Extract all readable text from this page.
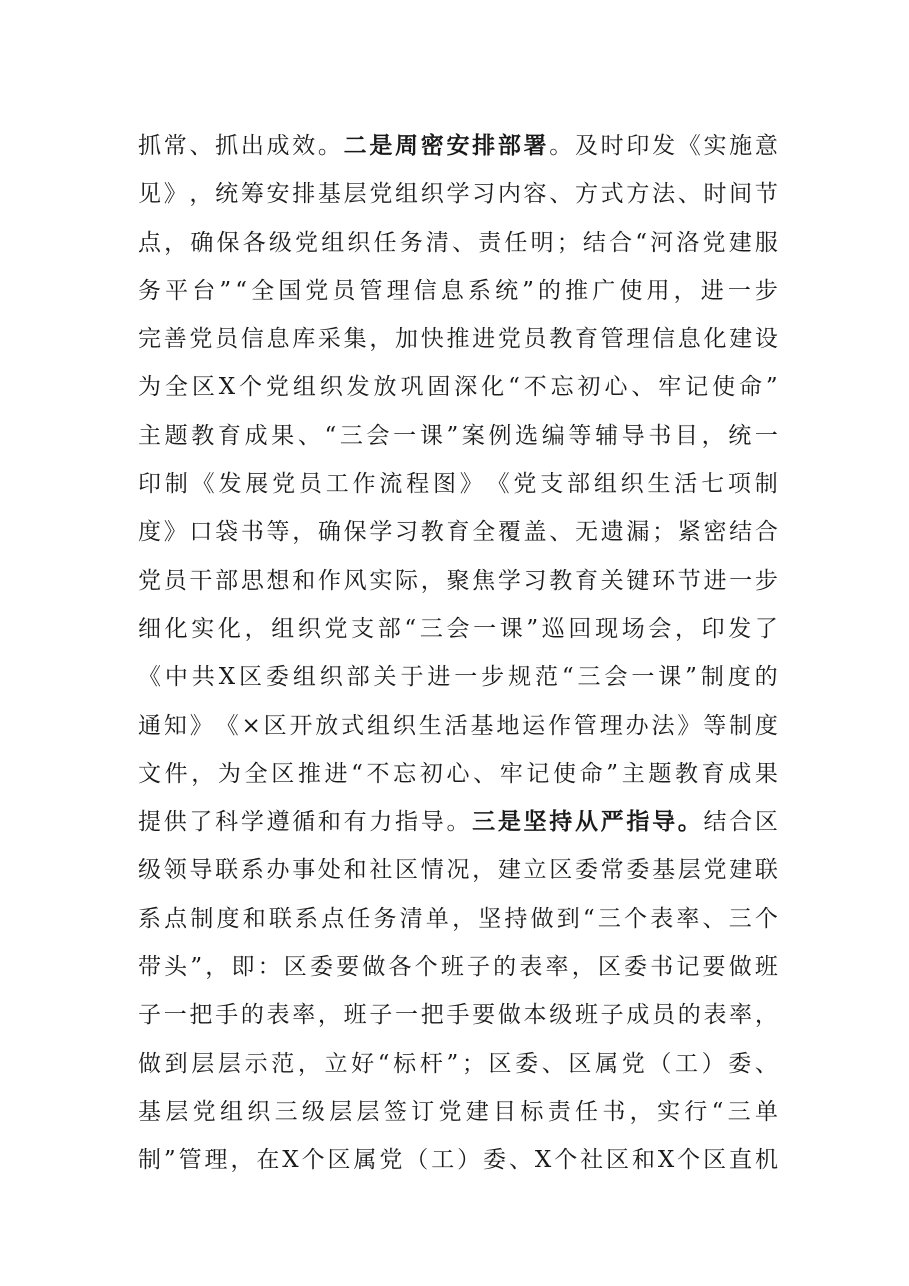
抓 常 、 抓 出 成 效 。 二 是 周 密 安 排 部 署 。 及 时 印 发 《 实 施 意
见 》 ， 统 筹 安 排 基 层 党 组 织 学 习 内 容 、 方 式 方 法 、 时 间 节
点 ， 确 保 各 级 党 组 织 任 务 清 、 责 任 明 ； 结 合 “ 河 洛 党 建 服
务 平 台 ” “ 全 国 党 员 管 理 信 息 系 统 ” 的 推 广 使 用 ， 进 一 步
完 善 党 员 信 息 库 采 集 ， 加 快 推 进 党 员 教 育 管 理 信 息 化 建 设
为 全 区 X 个 党 组 织 发 放 巩 固 深 化 “ 不 忘 初 心 、 牢 记 使 命 ”
主 题 教 育 成 果 、 “ 三 会 一 课 ” 案 例 选 编 等 辅 导 书 目 ， 统 一
印 制 《 发 展 党 员 工 作 流 程 图 》 《 党 支 部 组 织 生 活 七 项 制
度 》 口 袋 书 等 ， 确 保 学 习 教 育 全 覆 盖 、 无 遗 漏 ； 紧 密 结 合
党 员 干 部 思 想 和 作 风 实 际 ， 聚 焦 学 习 教 育 关 键 环 节 进 一 步
细 化 实 化 ， 组 织 党 支 部 “ 三 会 一 课 ” 巡 回 现 场 会 ， 印 发 了
《 中 共 X 区 委 组 织 部 关 于 进 一 步 规 范 “ 三 会 一 课 ” 制 度 的
通 知 》 《 × 区 开 放 式 组 织 生 活 基 地 运 作 管 理 办 法 》 等 制 度
文 件 ， 为 全 区 推 进 “ 不 忘 初 心 、 牢 记 使 命 ” 主 题 教 育 成 果
提 供 了 科 学 遵 循 和 有 力 指 导 。 三 是 坚 持 从 严 指 导 。 结 合 区
级 领 导 联 系 办 事 处 和 社 区 情 况 ， 建 立 区 委 常 委 基 层 党 建 联
系 点 制 度 和 联 系 点 任 务 清 单 ， 坚 持 做 到 “ 三 个 表 率 、 三 个
带 头 ” ， 即 ： 区 委 要 做 各 个 班 子 的 表 率 ， 区 委 书 记 要 做 班
子 一 把 手 的 表 率 ， 班 子 一 把 手 要 做 本 级 班 子 成 员 的 表 率 ，
做 到 层 层 示 范 ， 立 好 “ 标 杆 ” ； 区 委 、 区 属 党 （ 工 ） 委 、
基 层 党 组 织 三 级 层 层 签 订 党 建 目 标 责 任 书 ， 实 行 “ 三 单
制 ” 管 理 ， 在 X 个 区 属 党 （ 工 ） 委 、 X 个 社 区 和 X 个 区 直 机
